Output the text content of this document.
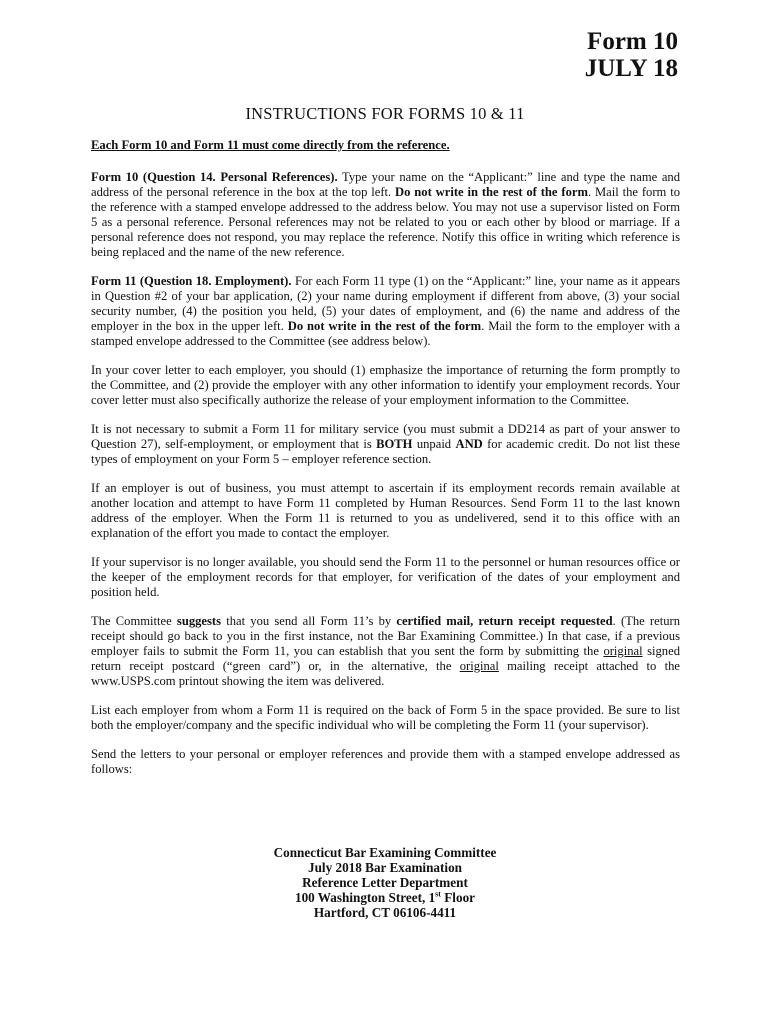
Form 10
JULY 18
INSTRUCTIONS FOR FORMS 10 & 11

Each Form 10 and Form 11 must come directly from the reference.

Form 10 (Question 14. Personal References). Type your name on the “Applicant:” line and type the name and address of the personal reference in the box at the top left. Do not write in the rest of the form. Mail the form to the reference with a stamped envelope addressed to the address below. You may not use a supervisor listed on Form 5 as a personal reference. Personal references may not be related to you or each other by blood or marriage. If a personal reference does not respond, you may replace the reference. Notify this office in writing which reference is being replaced and the name of the new reference.

Form 11 (Question 18. Employment). For each Form 11 type (1) on the “Applicant:” line, your name as it appears in Question #2 of your bar application, (2) your name during employment if different from above, (3) your social security number, (4) the position you held, (5) your dates of employment, and (6) the name and address of the employer in the box in the upper left. Do not write in the rest of the form. Mail the form to the employer with a stamped envelope addressed to the Committee (see address below).

In your cover letter to each employer, you should (1) emphasize the importance of returning the form promptly to the Committee, and (2) provide the employer with any other information to identify your employment records. Your cover letter must also specifically authorize the release of your employment information to the Committee.

It is not necessary to submit a Form 11 for military service (you must submit a DD214 as part of your answer to Question 27), self-employment, or employment that is BOTH unpaid AND for academic credit. Do not list these types of employment on your Form 5 – employer reference section.

If an employer is out of business, you must attempt to ascertain if its employment records remain available at another location and attempt to have Form 11 completed by Human Resources. Send Form 11 to the last known address of the employer. When the Form 11 is returned to you as undelivered, send it to this office with an explanation of the effort you made to contact the employer.

If your supervisor is no longer available, you should send the Form 11 to the personnel or human resources office or the keeper of the employment records for that employer, for verification of the dates of your employment and position held.

The Committee suggests that you send all Form 11’s by certified mail, return receipt requested. (The return receipt should go back to you in the first instance, not the Bar Examining Committee.) In that case, if a previous employer fails to submit the Form 11, you can establish that you sent the form by submitting the original signed return receipt postcard (“green card”) or, in the alternative, the original mailing receipt attached to the www.USPS.com printout showing the item was delivered.

List each employer from whom a Form 11 is required on the back of Form 5 in the space provided. Be sure to list both the employer/company and the specific individual who will be completing the Form 11 (your supervisor).

Send the letters to your personal or employer references and provide them with a stamped envelope addressed as follows:

Connecticut Bar Examining Committee
July 2018 Bar Examination
Reference Letter Department
100 Washington Street, 1st Floor
Hartford, CT 06106-4411
